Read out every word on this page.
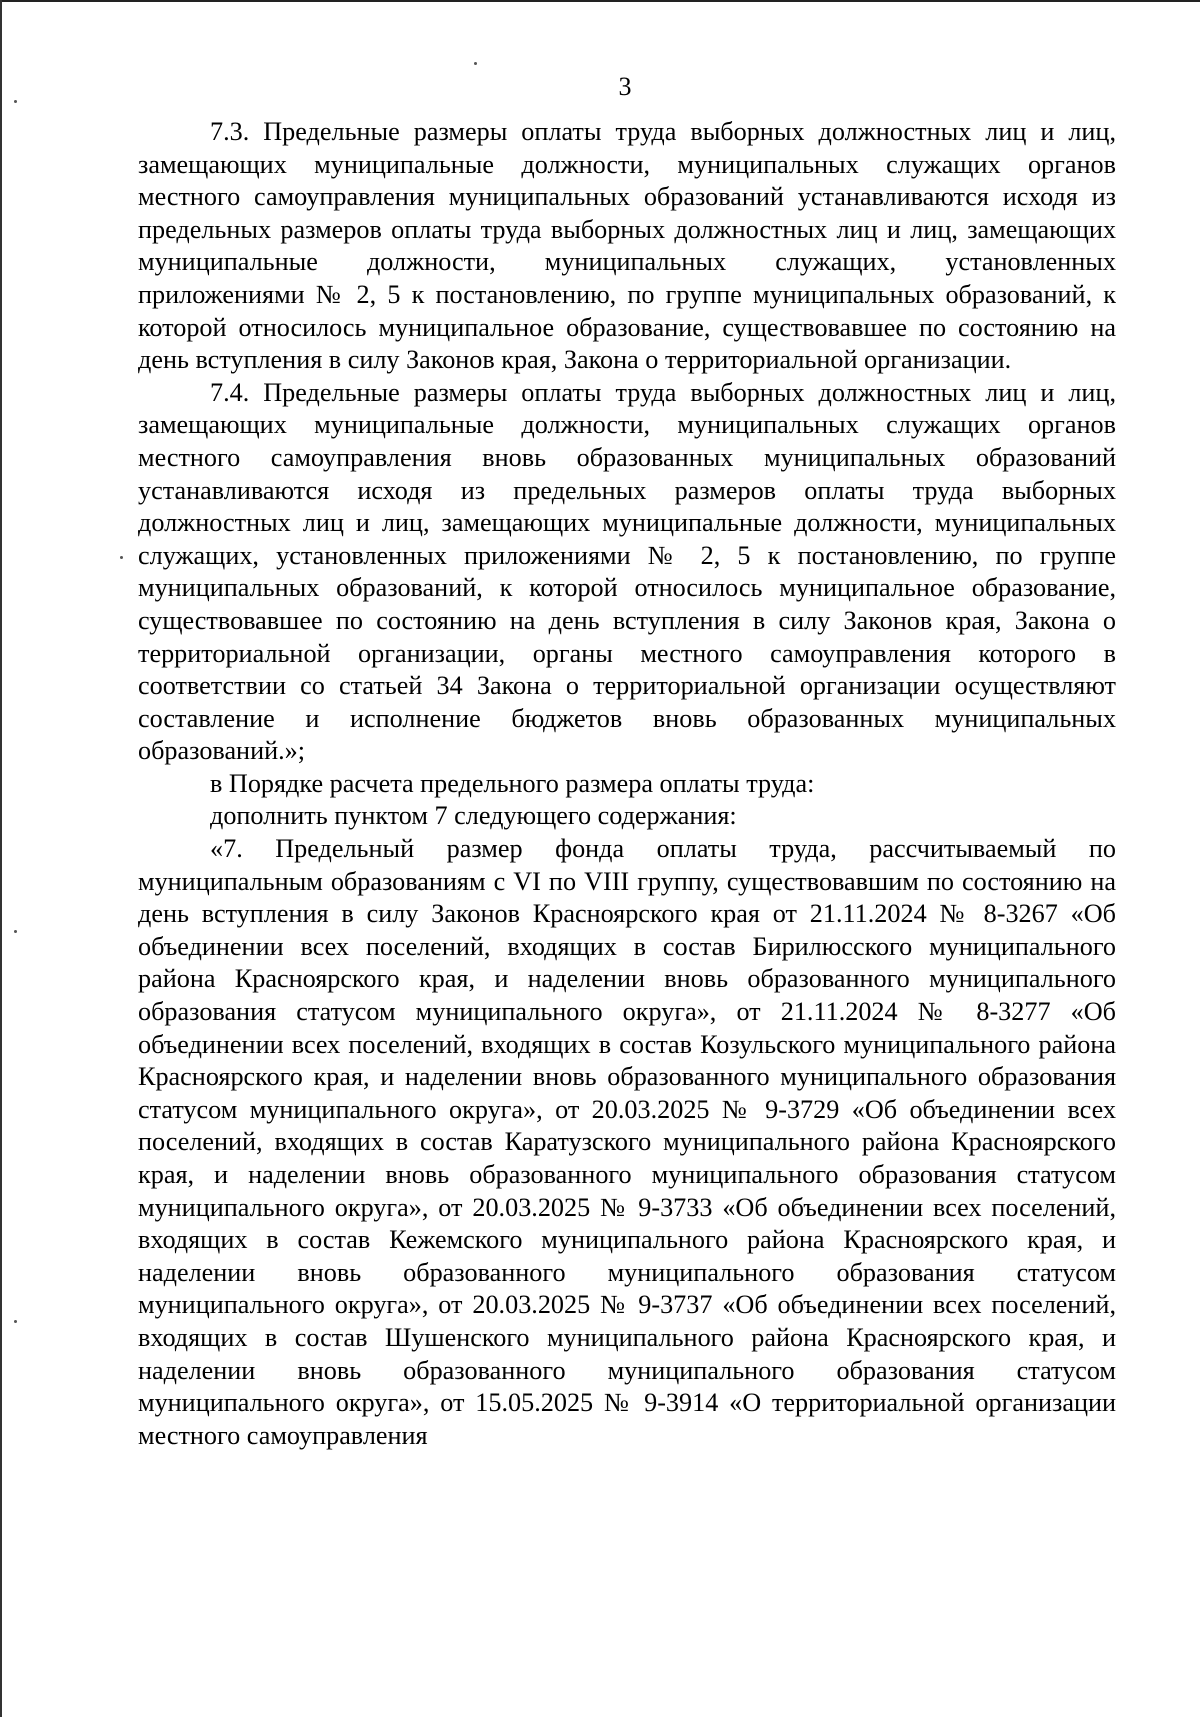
3

7.3. Предельные размеры оплаты труда выборных должностных лиц и лиц, замещающих муниципальные должности, муниципальных служащих органов местного самоуправления муниципальных образований устанавливаются исходя из предельных размеров оплаты труда выборных должностных лиц и лиц, замещающих муниципальные должности, муниципальных служащих, установленных приложениями № 2, 5 к постановлению, по группе муниципальных образований, к которой относилось муниципальное образование, существовавшее по состоянию на день вступления в силу Законов края, Закона о территориальной организации.

7.4. Предельные размеры оплаты труда выборных должностных лиц и лиц, замещающих муниципальные должности, муниципальных служащих органов местного самоуправления вновь образованных муниципальных образований устанавливаются исходя из предельных размеров оплаты труда выборных должностных лиц и лиц, замещающих муниципальные должности, муниципальных служащих, установленных приложениями № 2, 5 к постановлению, по группе муниципальных образований, к которой относилось муниципальное образование, существовавшее по состоянию на день вступления в силу Законов края, Закона о территориальной организации, органы местного самоуправления которого в соответствии со статьей 34 Закона о территориальной организации осуществляют составление и исполнение бюджетов вновь образованных муниципальных образований.»;

в Порядке расчета предельного размера оплаты труда:

дополнить пунктом 7 следующего содержания:

«7. Предельный размер фонда оплаты труда, рассчитываемый по муниципальным образованиям с VI по VIII группу, существовавшим по состоянию на день вступления в силу Законов Красноярского края от 21.11.2024 № 8-3267 «Об объединении всех поселений, входящих в состав Бирилюсского муниципального района Красноярского края, и наделении вновь образованного муниципального образования статусом муниципального округа», от 21.11.2024 № 8-3277 «Об объединении всех поселений, входящих в состав Козульского муниципального района Красноярского края, и наделении вновь образованного муниципального образования статусом муниципального округа», от 20.03.2025 № 9-3729 «Об объединении всех поселений, входящих в состав Каратузского муниципального района Красноярского края, и наделении вновь образованного муниципального образования статусом муниципального округа», от 20.03.2025 № 9-3733 «Об объединении всех поселений, входящих в состав Кежемского муниципального района Красноярского края, и наделении вновь образованного муниципального образования статусом муниципального округа», от 20.03.2025 № 9-3737 «Об объединении всех поселений, входящих в состав Шушенского муниципального района Красноярского края, и наделении вновь образованного муниципального образования статусом муниципального округа», от 15.05.2025 № 9-3914 «О территориальной организации местного самоуправления
